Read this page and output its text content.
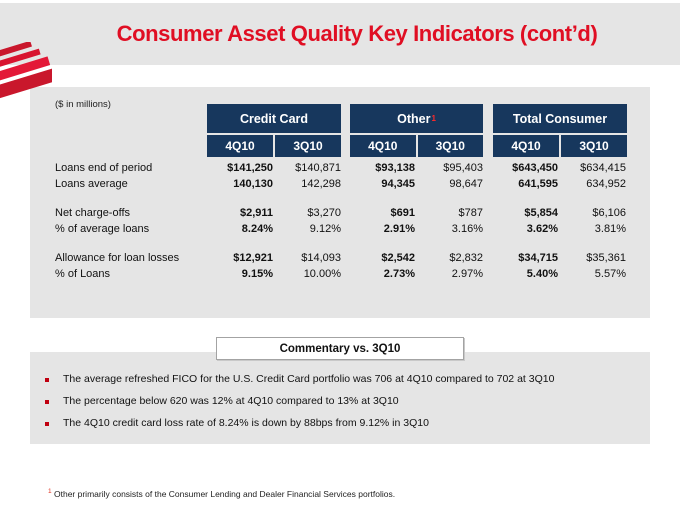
Consumer Asset Quality Key Indicators (cont’d)
($ in millions)
Credit Card	Other 1	Total Consumer
4Q10	3Q10	4Q10	3Q10	4Q10	3Q10
Loans end of period	$141,250	$140,871	$93,138	$95,403	$643,450	$634,415
Loans average	140,130	142,298	94,345	98,647	641,595	634,952
Net charge-offs	$2,911	$3,270	$691	$787	$5,854	$6,106
% of average loans	8.24%	9.12%	2.91%	3.16%	3.62%	3.81%
Allowance for loan losses	$12,921	$14,093	$2,542	$2,832	$34,715	$35,361
% of Loans	9.15%	10.00%	2.73%	2.97%	5.40%	5.57%
Commentary vs. 3Q10
The average refreshed FICO for the U.S. Credit Card portfolio was 706 at 4Q10 compared to 702 at 3Q10
The percentage below 620 was 12% at 4Q10 compared to 13% at 3Q10
The 4Q10 credit card loss rate of 8.24% is down by 88bps from 9.12% in 3Q10
$^1$ Other primarily consists of the Consumer Lending and Dealer Financial Services portfolios.
